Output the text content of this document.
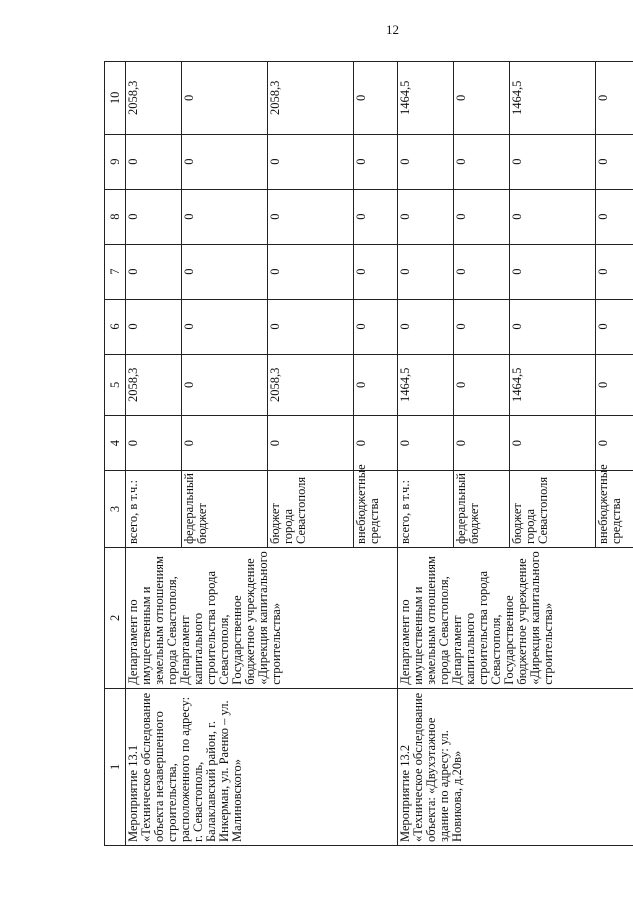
12
1	2	3	4	5	6	7	8	9	10
Мероприятие 13.1 «Техническое обследование объекта незавершенного строительства, расположенного по адресу: г. Севастополь, Балаклавский район, г. Инкерман, ул. Раенко – ул. Малиновского»	Департамент по имущественным и земельным отношениям города Севастополя, Департамент капитального строительства города Севастополя, Государственное бюджетное учреждение «Дирекция капитального строительства»	всего, в т.ч.:	0	2058,3	0	0	0	0	2058,3
		федеральный бюджет	0	0	0	0	0	0	0
		бюджет города Севастополя	0	2058,3	0	0	0	0	2058,3
		внебюджетные средства	0	0	0	0	0	0	0
Мероприятие 13.2 «Техническое обследование объекта: «Двухэтажное здание по адресу: ул. Новикова, д.20в»	Департамент по имущественным и земельным отношениям города Севастополя, Департамент капитального строительства города Севастополя, Государственное бюджетное учреждение «Дирекция капитального строительства»	всего, в т.ч.:	0	1464,5	0	0	0	0	1464,5
		федеральный бюджет	0	0	0	0	0	0	0
		бюджет города Севастополя	0	1464,5	0	0	0	0	1464,5
		внебюджетные средства	0	0	0	0	0	0	0
